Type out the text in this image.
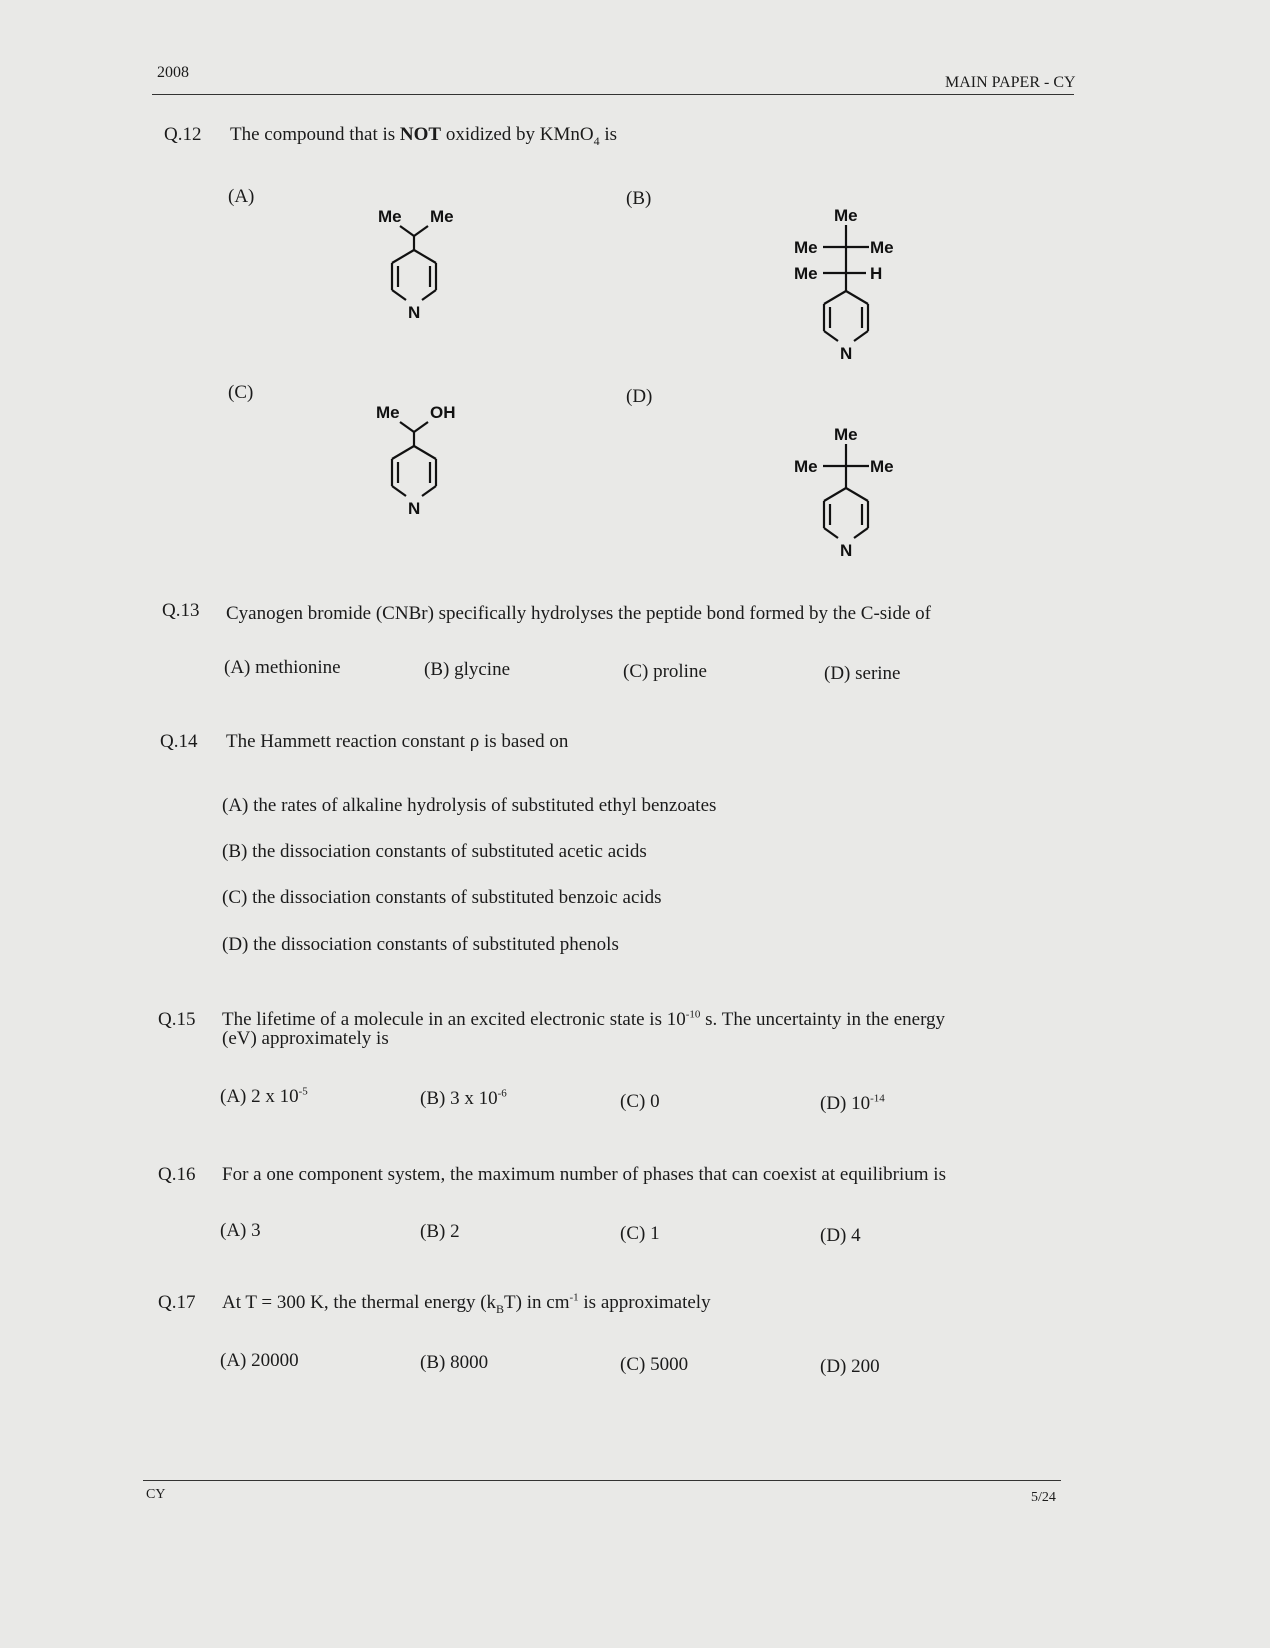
2008
MAIN PAPER - CY
Q.12 The compound that is NOT oxidized by KMnO$_4$ is
(A)
Me Me
N
(B)
Me
Me	Me
Me	H
N
(C)
Me OH
N
(D)
Me
Me	Me
N
Q.13 Cyanogen bromide (CNBr) specifically hydrolyses the peptide bond formed by the C-side of
(A) methionine	(B) glycine	(C) proline	(D) serine
Q.14 The Hammett reaction constant ρ is based on
(A) the rates of alkaline hydrolysis of substituted ethyl benzoates
(B) the dissociation constants of substituted acetic acids
(C) the dissociation constants of substituted benzoic acids
(D) the dissociation constants of substituted phenols
Q.15 The lifetime of a molecule in an excited electronic state is $10^{-10}$ s. The uncertainty in the energy
(eV) approximately is
(A) 2 x $10^{-5}$	(B) 3 x $10^{-6}$	(C) 0	(D) $10^{-14}$
Q.16 For a one component system, the maximum number of phases that can coexist at equilibrium is
(A) 3	(B) 2	(C) 1	(D) 4
Q.17 At T = 300 K, the thermal energy $(k_BT)$ in $cm^{-1}$ is approximately
(A) 20000	(B) 8000	(C) 5000	(D) 200
CY	5/24
